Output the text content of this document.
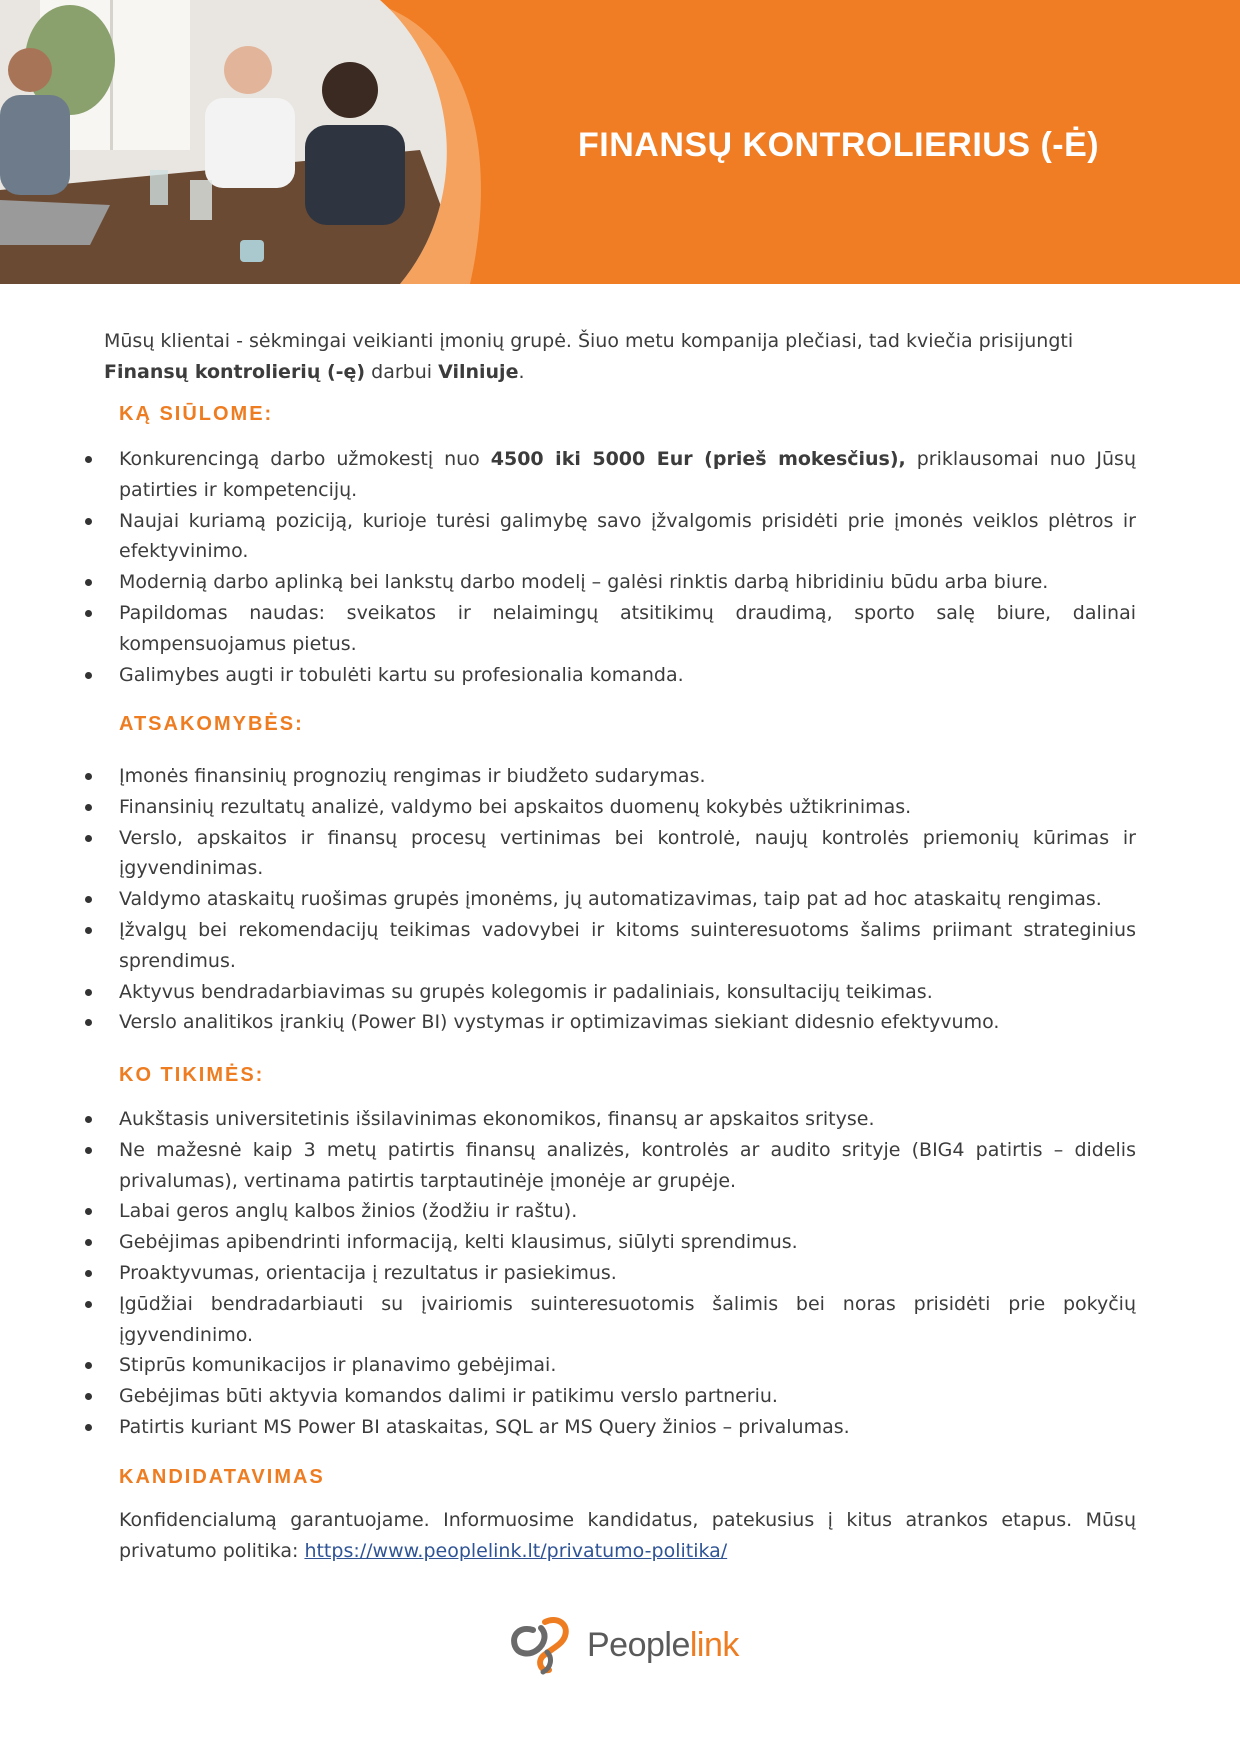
FINANSŲ KONTROLIERIUS (-Ė)

Mūsų klientai - sėkmingai veikianti įmonių grupė. Šiuo metu kompanija plečiasi, tad kviečia prisijungti Finansų kontrolierių (-ę) darbui Vilniuje.

KĄ SIŪLOME:
Konkurencingą darbo užmokestį nuo 4500 iki 5000 Eur (prieš mokesčius), priklausomai nuo Jūsų patirties ir kompetencijų.
Naujai kuriamą poziciją, kurioje turėsi galimybę savo įžvalgomis prisidėti prie įmonės veiklos plėtros ir efektyvinimo.
Modernią darbo aplinką bei lankstų darbo modelį – galėsi rinktis darbą hibridiniu būdu arba biure.
Papildomas naudas: sveikatos ir nelaimingų atsitikimų draudimą, sporto salę biure, dalinai kompensuojamus pietus.
Galimybes augti ir tobulėti kartu su profesionalia komanda.
ATSAKOMYBĖS:
Įmonės finansinių prognozių rengimas ir biudžeto sudarymas.
Finansinių rezultatų analizė, valdymo bei apskaitos duomenų kokybės užtikrinimas.
Verslo, apskaitos ir finansų procesų vertinimas bei kontrolė, naujų kontrolės priemonių kūrimas ir įgyvendinimas.
Valdymo ataskaitų ruošimas grupės įmonėms, jų automatizavimas, taip pat ad hoc ataskaitų rengimas.
Įžvalgų bei rekomendacijų teikimas vadovybei ir kitoms suinteresuotoms šalims priimant strateginius sprendimus.
Aktyvus bendradarbiavimas su grupės kolegomis ir padaliniais, konsultacijų teikimas.
Verslo analitikos įrankių (Power BI) vystymas ir optimizavimas siekiant didesnio efektyvumo.
KO TIKIMĖS:
Aukštasis universitetinis išsilavinimas ekonomikos, finansų ar apskaitos srityse.
Ne mažesnė kaip 3 metų patirtis finansų analizės, kontrolės ar audito srityje (BIG4 patirtis – didelis privalumas), vertinama patirtis tarptautinėje įmonėje ar grupėje.
Labai geros anglų kalbos žinios (žodžiu ir raštu).
Gebėjimas apibendrinti informaciją, kelti klausimus, siūlyti sprendimus.
Proaktyvumas, orientacija į rezultatus ir pasiekimus.
Įgūdžiai bendradarbiauti su įvairiomis suinteresuotomis šalimis bei noras prisidėti prie pokyčių įgyvendinimo.
Stiprūs komunikacijos ir planavimo gebėjimai.
Gebėjimas būti aktyvia komandos dalimi ir patikimu verslo partneriu.
Patirtis kuriant MS Power BI ataskaitas, SQL ar MS Query žinios – privalumas.
KANDIDATAVIMAS

Konfidencialumą garantuojame. Informuosime kandidatus, patekusius į kitus atrankos etapus. Mūsų privatumo politika: https://www.peoplelink.lt/privatumo-politika/

Peoplelink
